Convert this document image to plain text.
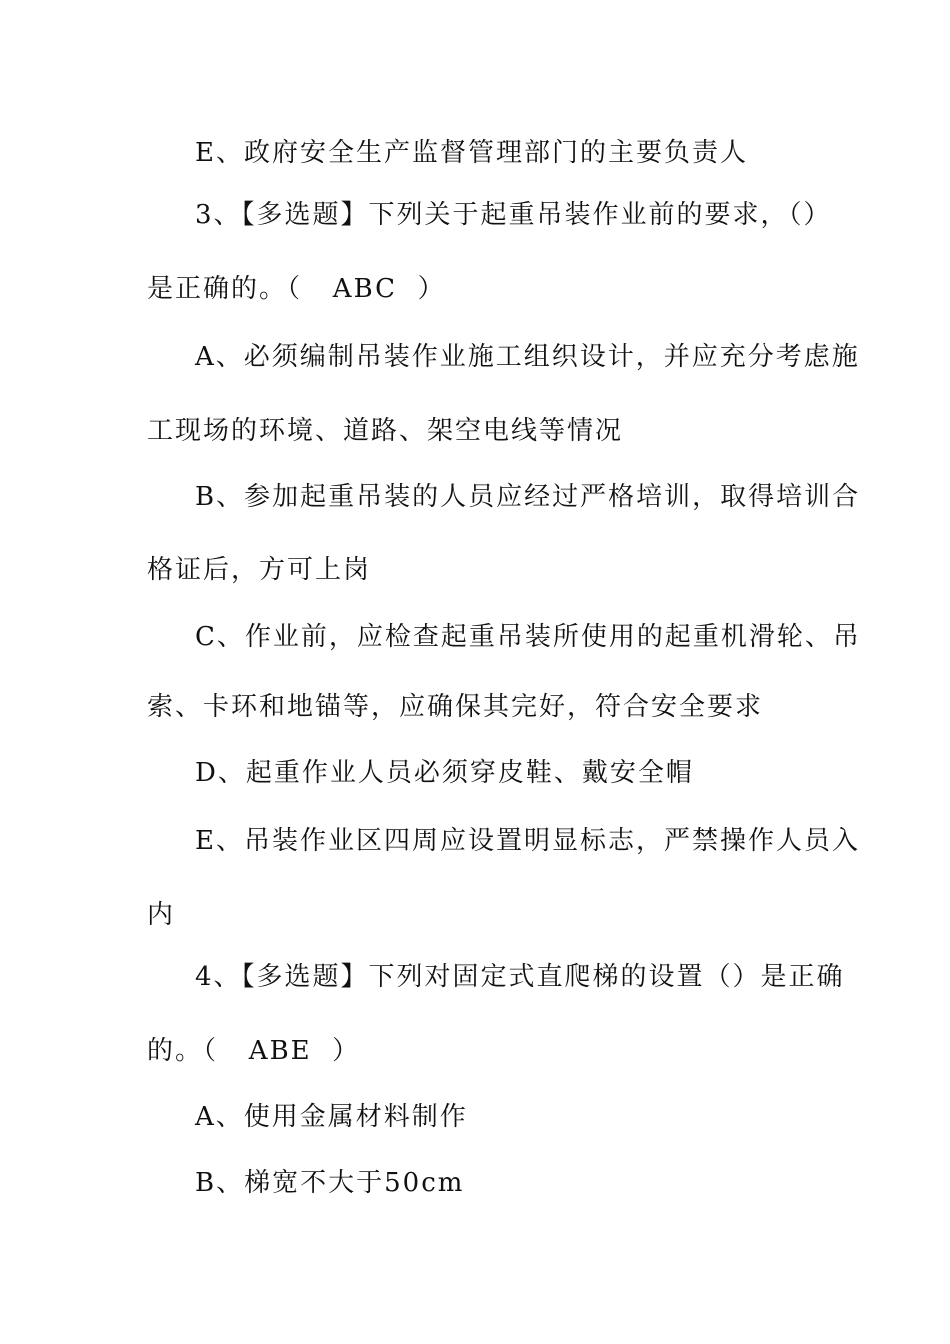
E、政府安全生产监督管理部门的主要负责人
3、【多选题】下列关于起重吊装作业前的要求，（）
是正确的。（   ABC  ）
A、必须编制吊装作业施工组织设计，并应充分考虑施
工现场的环境、道路、架空电线等情况
B、参加起重吊装的人员应经过严格培训，取得培训合
格证后，方可上岗
C、作业前，应检查起重吊装所使用的起重机滑轮、吊
索、卡环和地锚等，应确保其完好，符合安全要求
D、起重作业人员必须穿皮鞋、戴安全帽
E、吊装作业区四周应设置明显标志，严禁操作人员入
内
4、【多选题】下列对固定式直爬梯的设置（）是正确
的。（   ABE  ）
A、使用金属材料制作
B、梯宽不大于50cm
